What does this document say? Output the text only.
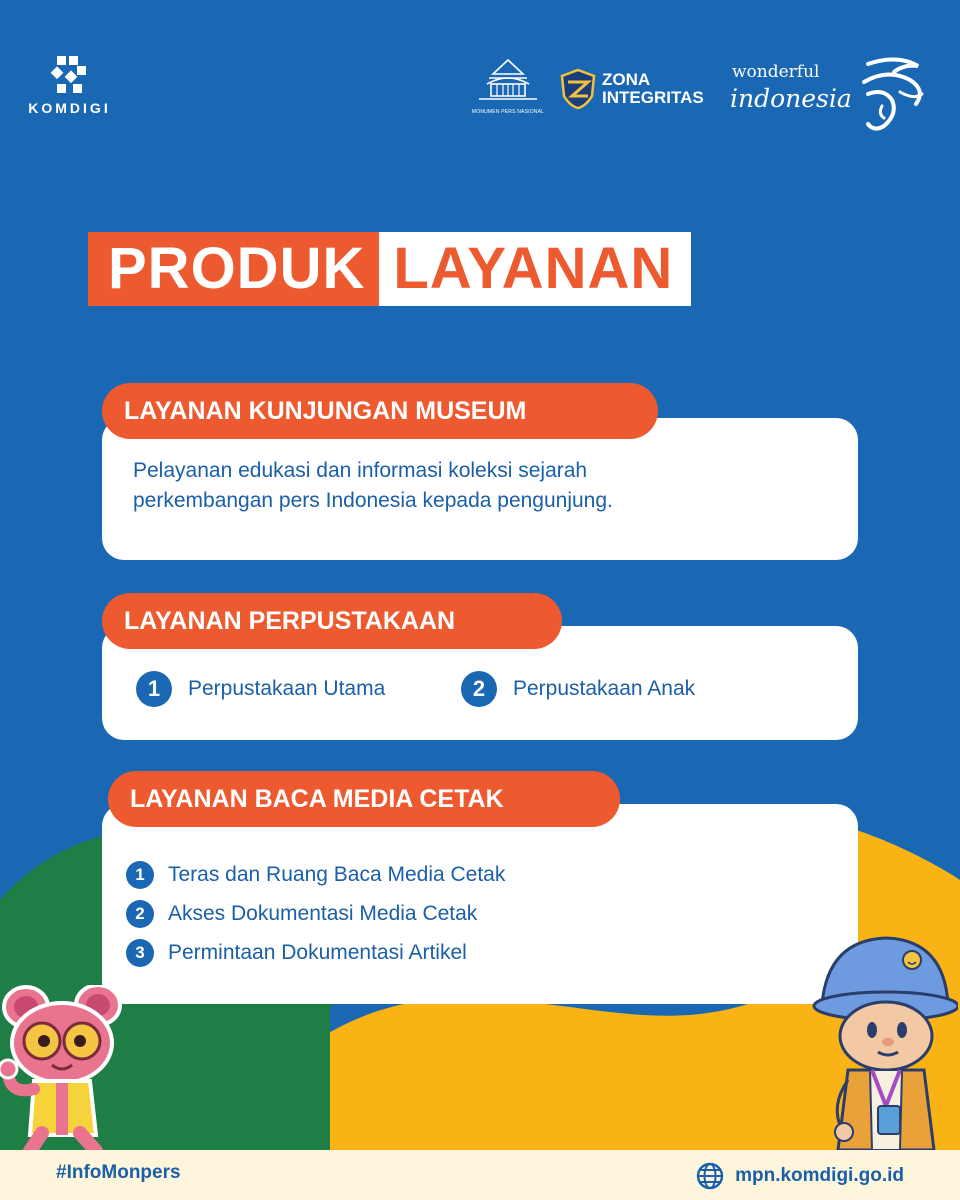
KOMDIGI	MONUMEN PERS NASIONAL
ZONA
INTEGRITAS
wonderful
indonesia
PRODUK LAYANAN
LAYANAN KUNJUNGAN MUSEUM
Pelayanan edukasi dan informasi koleksi sejarah
perkembangan pers Indonesia kepada pengunjung.
LAYANAN PERPUSTAKAAN
1	Perpustakaan Utama	2	Perpustakaan Anak
LAYANAN BACA MEDIA CETAK
1	Teras dan Ruang Baca Media Cetak
2	Akses Dokumentasi Media Cetak
3	Permintaan Dokumentasi Artikel
#InfoMonpers	mpn.komdigi.go.id
